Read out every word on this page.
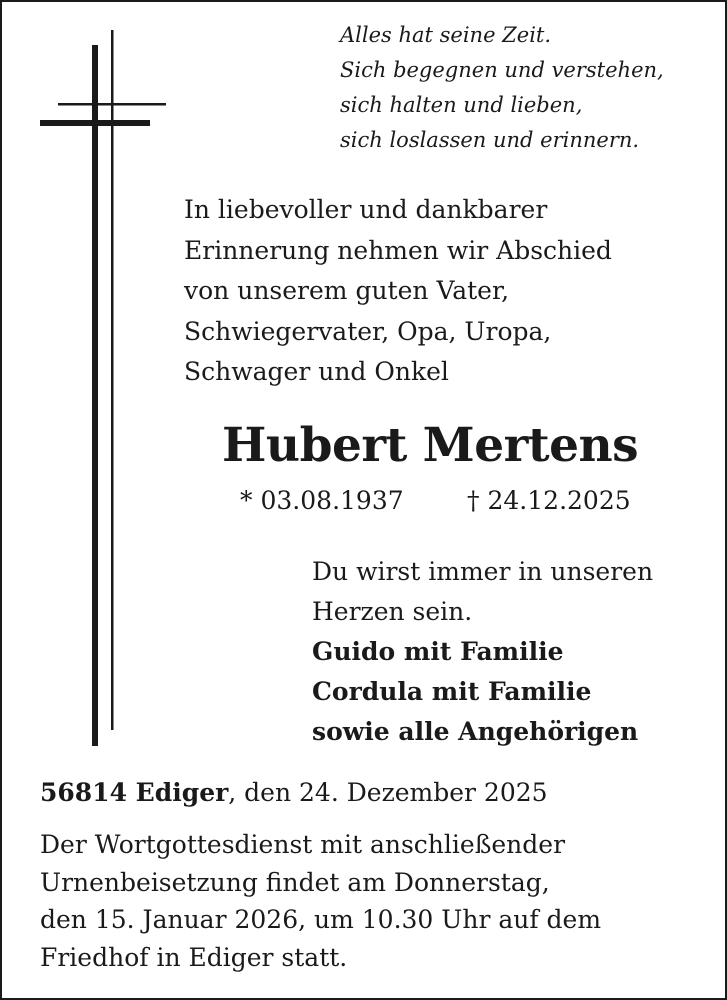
Alles hat seine Zeit.
Sich begegnen und verstehen,
sich halten und lieben,
sich loslassen und erinnern.
In liebevoller und dankbarer
Erinnerung nehmen wir Abschied
von unserem guten Vater,
Schwiegervater, Opa, Uropa,
Schwager und Onkel
Hubert Mertens
* 03.08.1937	† 24.12.2025
Du wirst immer in unseren
Herzen sein.
Guido mit Familie
Cordula mit Familie
sowie alle Angehörigen
56814 Ediger, den 24. Dezember 2025
Der Wortgottesdienst mit anschließender
Urnenbeisetzung findet am Donnerstag,
den 15. Januar 2026, um 10.30 Uhr auf dem
Friedhof in Ediger statt.
